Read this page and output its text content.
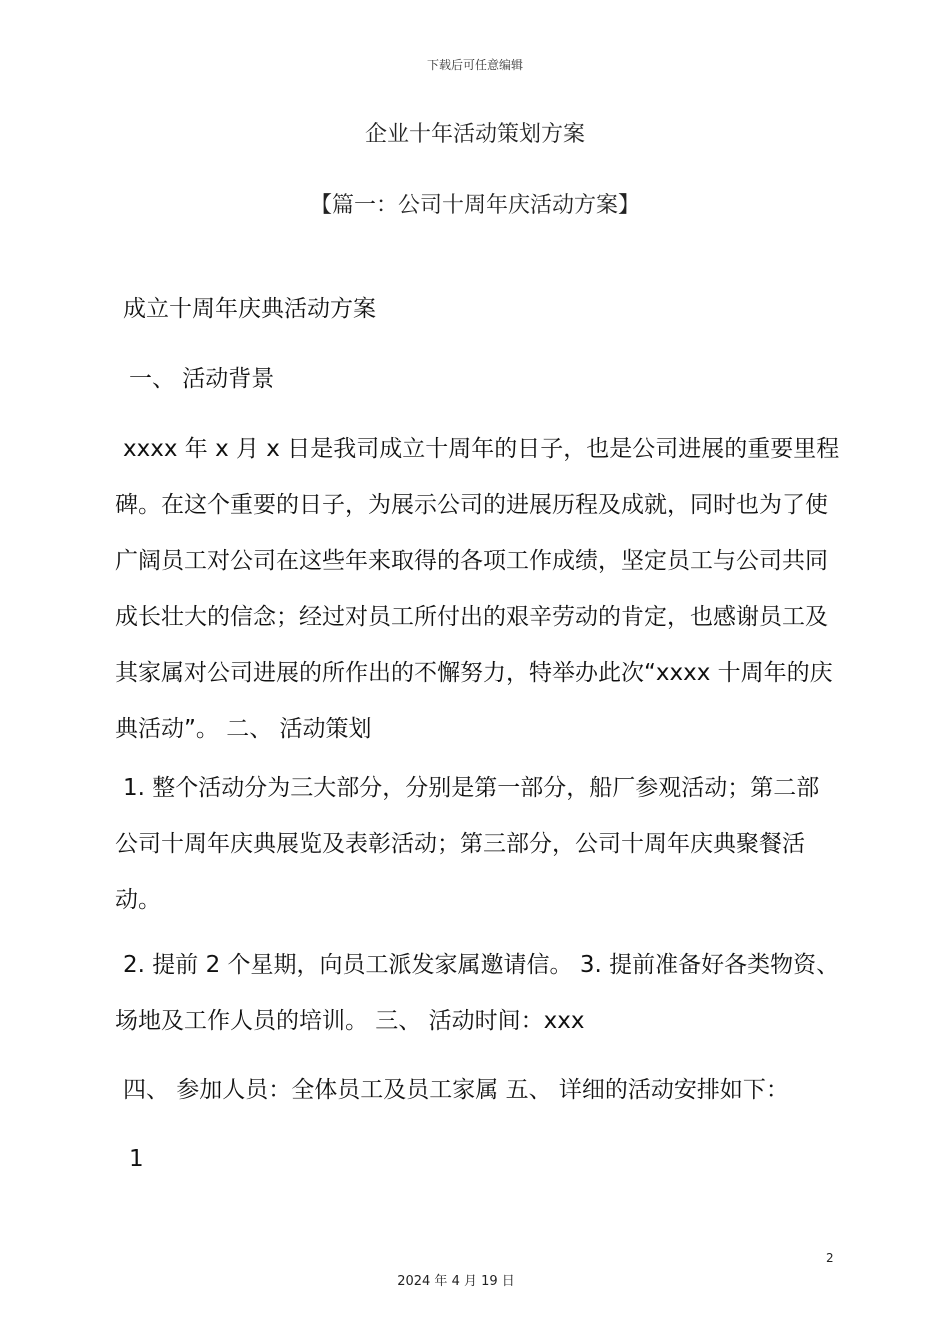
下载后可任意编辑
企业十年活动策划方案
【篇一：公司十周年庆活动方案】

成立十周年庆典活动方案

一、 活动背景

xxxx 年 x 月 x 日是我司成立十周年的日子，也是公司进展的重要里程

碑。在这个重要的日子，为展示公司的进展历程及成就，同时也为了使

广阔员工对公司在这些年来取得的各项工作成绩，坚定员工与公司共同

成长壮大的信念；经过对员工所付出的艰辛劳动的肯定，也感谢员工及

其家属对公司进展的所作出的不懈努力，特举办此次“xxxx 十周年的庆

典活动”。 二、 活动策划

1. 整个活动分为三大部分，分别是第一部分，船厂参观活动；第二部

公司十周年庆典展览及表彰活动；第三部分，公司十周年庆典聚餐活

动。

2. 提前 2 个星期，向员工派发家属邀请信。 3. 提前准备好各类物资、

场地及工作人员的培训。 三、 活动时间：xxx

四、 参加人员：全体员工及员工家属 五、 详细的活动安排如下：

1

2
2024 年 4 月 19 日
